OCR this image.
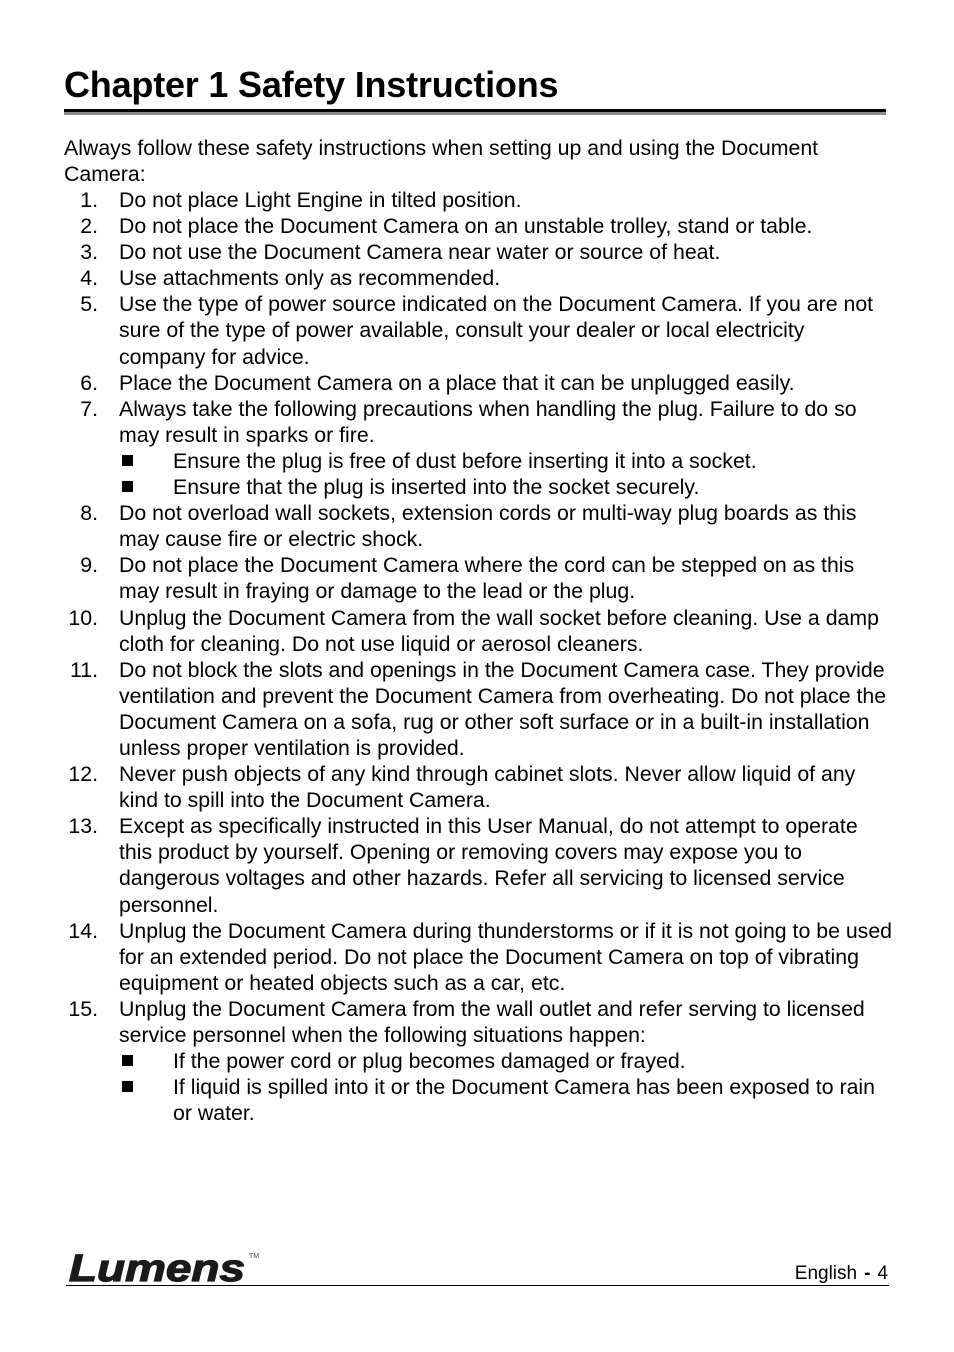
Chapter 1 Safety Instructions
Always follow these safety instructions when setting up and using the Document Camera:
1. Do not place Light Engine in tilted position.
2. Do not place the Document Camera on an unstable trolley, stand or table.
3. Do not use the Document Camera near water or source of heat.
4. Use attachments only as recommended.
5. Use the type of power source indicated on the Document Camera. If you are not sure of the type of power available, consult your dealer or local electricity company for advice.
6. Place the Document Camera on a place that it can be unplugged easily.
7. Always take the following precautions when handling the plug. Failure to do so may result in sparks or fire.
Ensure the plug is free of dust before inserting it into a socket.
Ensure that the plug is inserted into the socket securely.
8. Do not overload wall sockets, extension cords or multi-way plug boards as this may cause fire or electric shock.
9. Do not place the Document Camera where the cord can be stepped on as this may result in fraying or damage to the lead or the plug.
10. Unplug the Document Camera from the wall socket before cleaning. Use a damp cloth for cleaning. Do not use liquid or aerosol cleaners.
11. Do not block the slots and openings in the Document Camera case. They provide ventilation and prevent the Document Camera from overheating. Do not place the Document Camera on a sofa, rug or other soft surface or in a built-in installation unless proper ventilation is provided.
12. Never push objects of any kind through cabinet slots. Never allow liquid of any kind to spill into the Document Camera.
13. Except as specifically instructed in this User Manual, do not attempt to operate this product by yourself. Opening or removing covers may expose you to dangerous voltages and other hazards. Refer all servicing to licensed service personnel.
14. Unplug the Document Camera during thunderstorms or if it is not going to be used for an extended period. Do not place the Document Camera on top of vibrating equipment or heated objects such as a car, etc.
15. Unplug the Document Camera from the wall outlet and refer serving to licensed service personnel when the following situations happen:
If the power cord or plug becomes damaged or frayed.
If liquid is spilled into it or the Document Camera has been exposed to rain or water.
Lumens TM
English - 4
